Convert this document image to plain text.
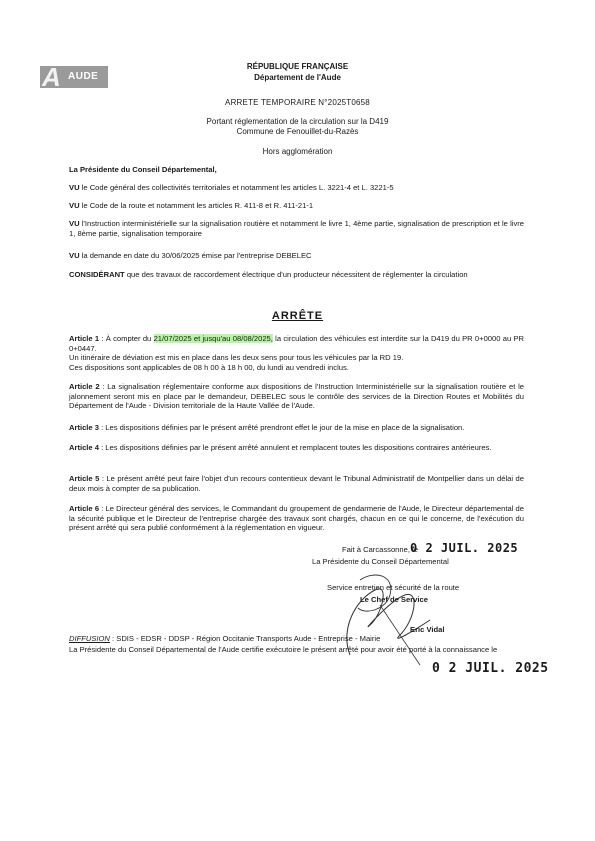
A AUDE
RÉPUBLIQUE FRANÇAISE
Département de l'Aude
ARRETE TEMPORAIRE N°2025T0658
Portant réglementation de la circulation sur la D419
Commune de Fenouillet-du-Razès
Hors agglomération
La Présidente du Conseil Départemental,
VU le Code général des collectivités territoriales et notamment les articles L. 3221-4 et L. 3221-5
VU le Code de la route et notamment les articles R. 411-8 et R. 411-21-1
VU l'Instruction interministérielle sur la signalisation routière et notamment le livre 1, 4ème partie, signalisation de prescription et le livre 1, 8ème partie, signalisation temporaire
VU la demande en date du 30/06/2025 émise par l'entreprise DEBELEC
CONSIDÉRANT que des travaux de raccordement électrique d'un producteur nécessitent de réglementer la circulation
ARRÊTE
Article 1 : À compter du 21/07/2025 et jusqu'au 08/08/2025, la circulation des véhicules est interdite sur la D419 du PR 0+0000 au PR 0+0447.
Un itinéraire de déviation est mis en place dans les deux sens pour tous les véhicules par la RD 19.
Ces dispositions sont applicables de 08 h 00 à 18 h 00, du lundi au vendredi inclus.
Article 2 : La signalisation réglementaire conforme aux dispositions de l'Instruction Interministérielle sur la signalisation routière et le jalonnement seront mis en place par le demandeur, DEBELEC sous le contrôle des services de la Direction Routes et Mobilités du Département de l'Aude - Division territoriale de la Haute Vallée de l'Aude.
Article 3 : Les dispositions définies par le présent arrêté prendront effet le jour de la mise en place de la signalisation.
Article 4 : Les dispositions définies par le présent arrêté annulent et remplacent toutes les dispositions contraires antérieures.
Article 5 : Le présent arrêté peut faire l'objet d'un recours contentieux devant le Tribunal Administratif de Montpellier dans un délai de deux mois à compter de sa publication.
Article 6 : Le Directeur général des services, le Commandant du groupement de gendarmerie de l'Aude, le Directeur départemental de la sécurité publique et le Directeur de l'entreprise chargée des travaux sont chargés, chacun en ce qui le concerne, de l'exécution du présent arrêté qui sera publié conformément à la réglementation en vigueur.
Fait à Carcassonne, le
0 2 JUIL. 2025
La Présidente du Conseil Départemental
Service entretien et sécurité de la route
Le Chef de Service
Eric Vidal
DIFFUSION : SDIS - EDSR - DDSP - Région Occitanie Transports Aude - Entreprise - Mairie
La Présidente du Conseil Départemental de l'Aude certifie exécutoire le présent arrêté pour avoir été porté à la connaissance le
0 2 JUIL. 2025
